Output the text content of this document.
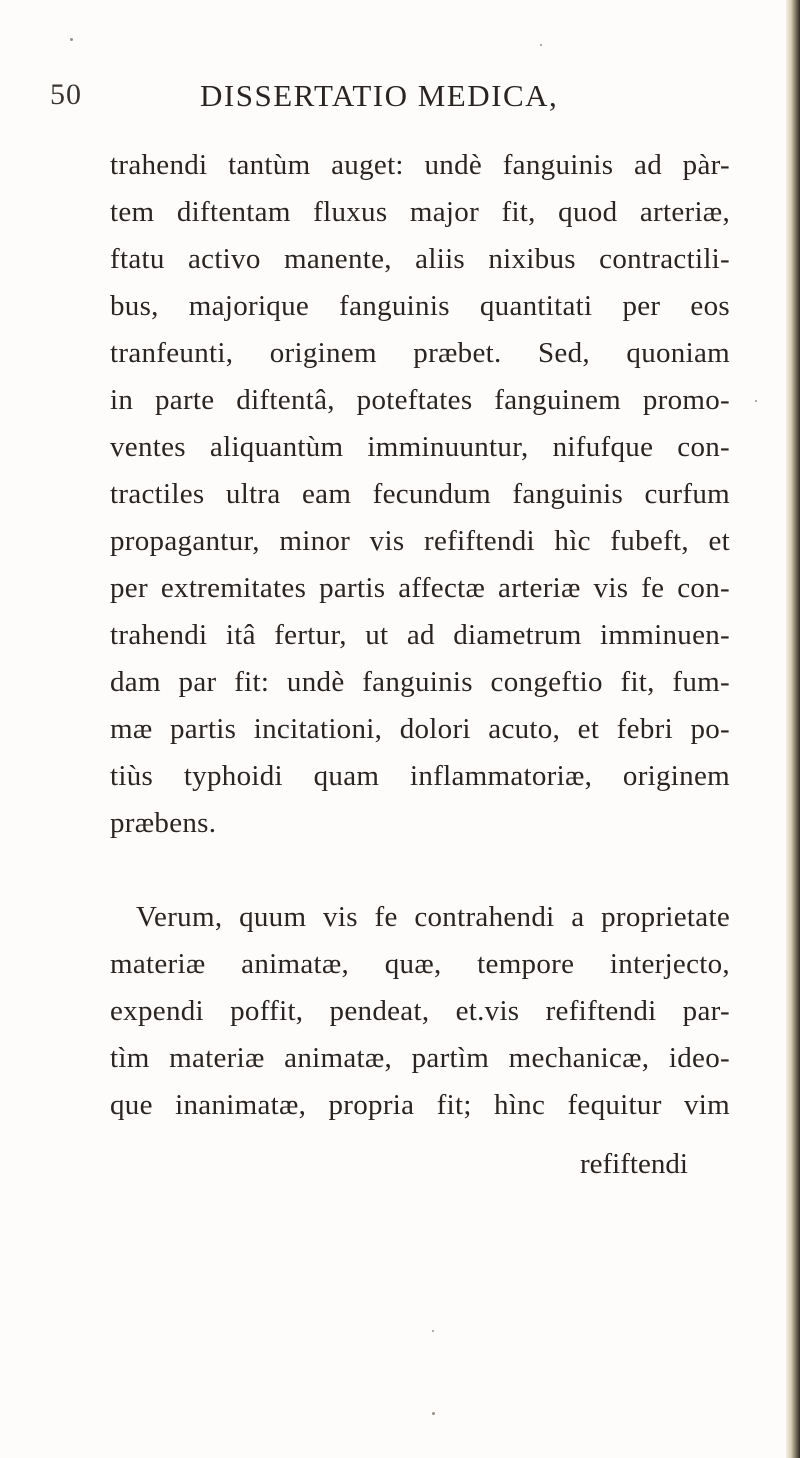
50	DISSERTATIO MEDICA,
trahendi tantùm auget: undè fanguinis ad pàr-
tem diftentam fluxus major fit, quod arteriæ,
ftatu activo manente, aliis nixibus contractili-
bus, majorique fanguinis quantitati per eos
tranfeunti, originem præbet. Sed, quoniam
in parte diftentâ, poteftates fanguinem promo-
ventes aliquantùm imminuuntur, nifufque con-
tractiles ultra eam fecundum fanguinis curfum
propagantur, minor vis refiftendi hìc fubeft, et
per extremitates partis affectæ arteriæ vis fe con-
trahendi itâ fertur, ut ad diametrum imminuen-
dam par fit: undè fanguinis congeftio fit, fum-
mæ partis incitationi, dolori acuto, et febri po-
tiùs typhoidi quam inflammatoriæ, originem
præbens.
Verum, quum vis fe contrahendi a proprietate
materiæ animatæ, quæ, tempore interjecto,
expendi poffit, pendeat, et.vis refiftendi par-
tìm materiæ animatæ, partìm mechanicæ, ideo-
que inanimatæ, propria fit; hìnc fequitur vim
refiftendi
